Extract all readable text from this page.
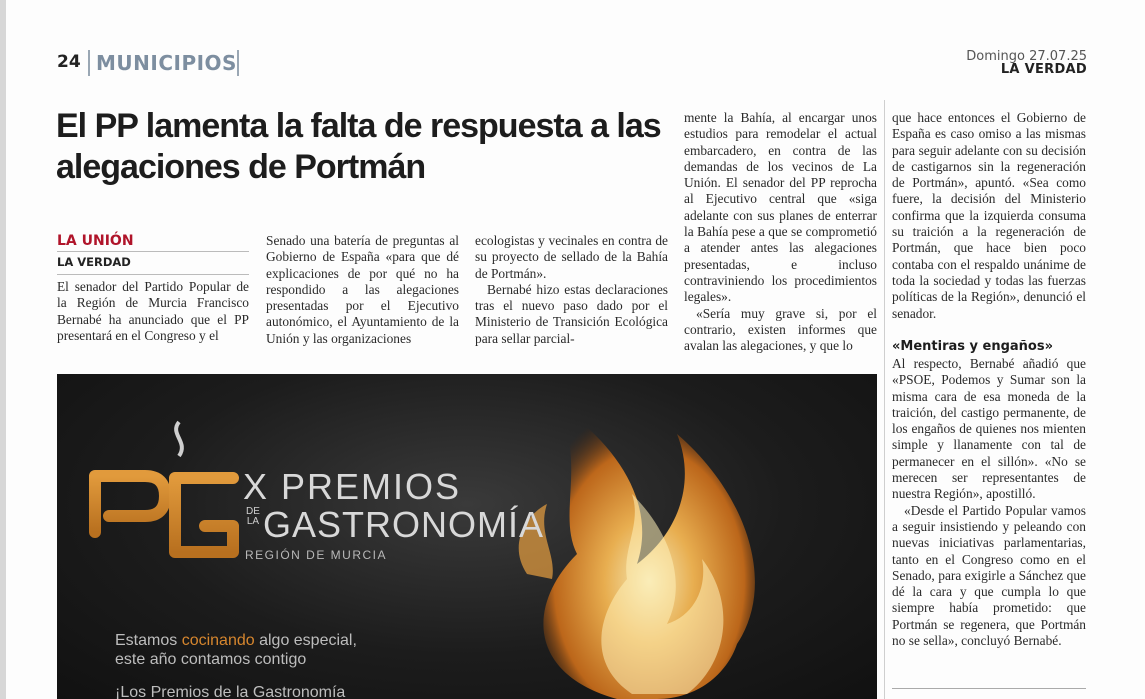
24 MUNICIPIOS	Domingo 27.07.25
LA VERDAD
El PP lamenta la falta de respuesta a las alegaciones de Portmán
LA UNIÓN
LA VERDAD

El senador del Partido Popular de la Región de Murcia Francisco Bernabé ha anunciado que el PP presentará en el Congreso y el

Senado una batería de preguntas al Gobierno de España «para que dé explicaciones de por qué no ha respondido a las alegaciones presentadas por el Ejecutivo autonómico, el Ayuntamiento de la Unión y las organizaciones

ecologistas y vecinales en contra de su proyecto de sellado de la Bahía de Portmán».

Bernabé hizo estas declaraciones tras el nuevo paso dado por el Ministerio de Transición Ecológica para sellar parcial-

mente la Bahía, al encargar unos estudios para remodelar el actual embarcadero, en contra de las demandas de los vecinos de La Unión. El senador del PP reprocha al Ejecutivo central que «siga adelante con sus planes de enterrar la Bahía pese a que se comprometió a atender antes las alegaciones presentadas, e incluso contraviniendo los procedimientos legales».

«Sería muy grave si, por el contrario, existen informes que avalan las alegaciones, y que lo

que hace entonces el Gobierno de España es caso omiso a las mismas para seguir adelante con su decisión de castigarnos sin la regeneración de Portmán», apuntó. «Sea como fuere, la decisión del Ministerio confirma que la izquierda consuma su traición a la regeneración de Portmán, que hace bien poco contaba con el respaldo unánime de toda la sociedad y todas las fuerzas políticas de la Región», denunció el senador.

«Mentiras y engaños»

Al respecto, Bernabé añadió que «PSOE, Podemos y Sumar son la misma cara de esa moneda de la traición, del castigo permanente, de los engaños de quienes nos mienten simple y llanamente con tal de permanecer en el sillón». «No se merecen ser representantes de nuestra Región», apostilló.

«Desde el Partido Popular vamos a seguir insistiendo y peleando con nuevas iniciativas parlamentarias, tanto en el Congreso como en el Senado, para exigirle a Sánchez que dé la cara y que cumpla lo que siempre había prometido: que Portmán se regenera, que Portmán no se sella», concluyó Bernabé.

X PREMIOS
DE LA GASTRONOMÍA
REGIÓN DE MURCIA
Estamos cocinando algo especial,
este año contamos contigo
¡Los Premios de la Gastronomía
